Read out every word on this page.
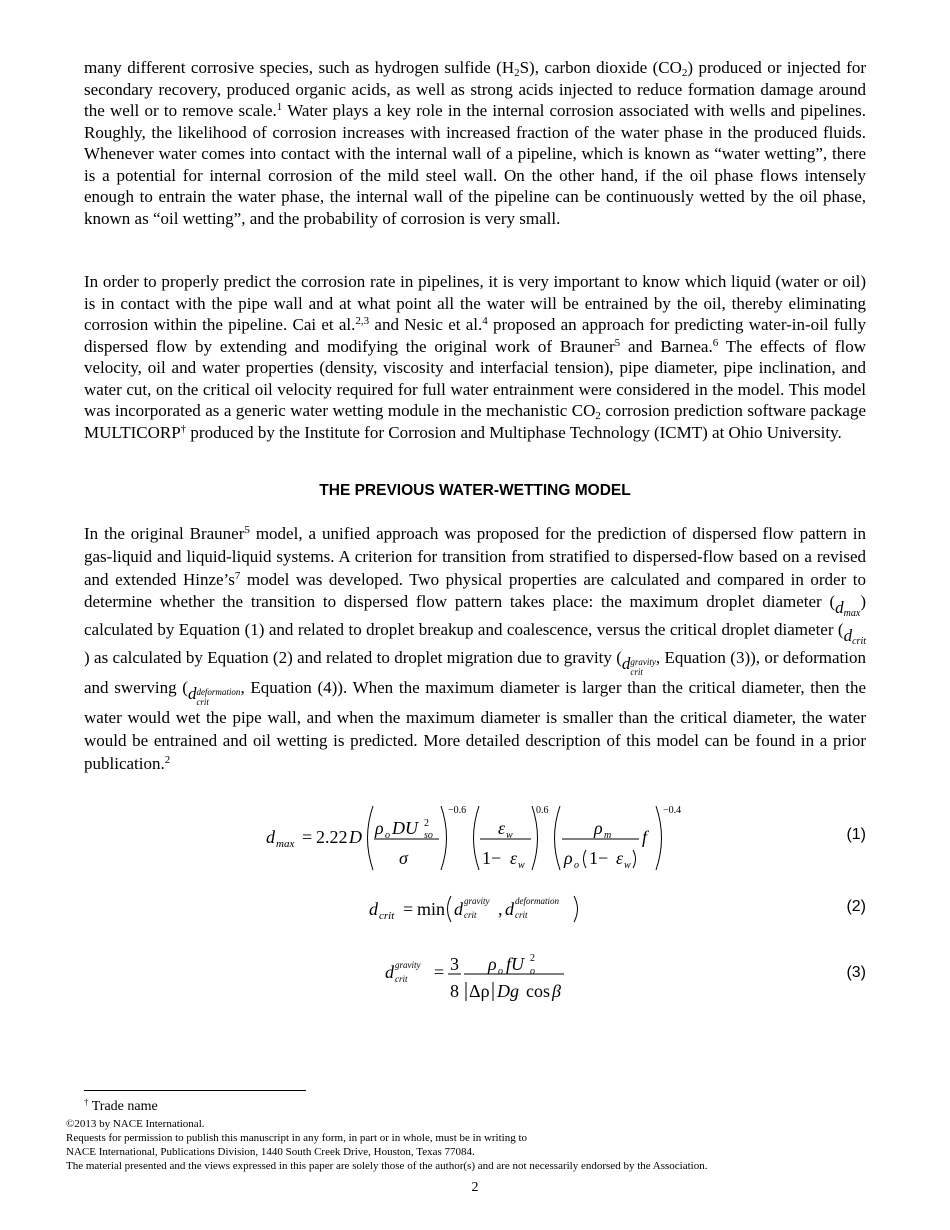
many different corrosive species, such as hydrogen sulfide $(H_2S)$, carbon dioxide $(CO_2)$ produced or injected for secondary recovery, produced organic acids, as well as strong acids injected to reduce formation damage around the well or to remove scale.$^1$ Water plays a key role in the internal corrosion associated with wells and pipelines. Roughly, the likelihood of corrosion increases with increased fraction of the water phase in the produced fluids. Whenever water comes into contact with the internal wall of a pipeline, which is known as “water wetting”, there is a potential for internal corrosion of the mild steel wall. On the other hand, if the oil phase flows intensely enough to entrain the water phase, the internal wall of the pipeline can be continuously wetted by the oil phase, known as “oil wetting”, and the probability of corrosion is very small.

In order to properly predict the corrosion rate in pipelines, it is very important to know which liquid (water or oil) is in contact with the pipe wall and at what point all the water will be entrained by the oil, thereby eliminating corrosion within the pipeline. Cai et al.$^{2,3}$ and Nesic et al.$^4$ proposed an approach for predicting water-in-oil fully dispersed flow by extending and modifying the original work of Brauner$^5$ and Barnea.$^6$ The effects of flow velocity, oil and water properties (density, viscosity and interfacial tension), pipe diameter, pipe inclination, and water cut, on the critical oil velocity required for full water entrainment were considered in the model. This model was incorporated as a generic water wetting module in the mechanistic $CO_2$ corrosion prediction software package MULTICORP† produced by the Institute for Corrosion and Multiphase Technology (ICMT) at Ohio University.

THE PREVIOUS WATER-WETTING MODEL

In the original Brauner$^5$ model, a unified approach was proposed for the prediction of dispersed flow pattern in gas-liquid and liquid-liquid systems. A criterion for transition from stratified to dispersed-flow based on a revised and extended $Hinze’s^7$ model was developed. Two physical properties are calculated and compared in order to determine whether the transition to dispersed flow pattern takes place: the maximum droplet diameter (dmax) calculated by Equation (1) and related to droplet breakup and coalescence, versus the critical droplet diameter (dcrit) as calculated by Equation (2) and related to droplet migration due to gravity (dgravity
crit, Equation (3)), or deformation and swerving (ddeformation
crit, Equation (4)). When the maximum diameter is larger than the critical diameter, then the water would wet the pipe wall, and when the maximum diameter is smaller than the critical diameter, the water would be entrained and oil wetting is predicted. More detailed description of this model can be found in a prior publication.$^2$

d max = 2.22 D ρ o DU 2
so
σ
−0.6
ε w
1− ε w
0.6
ρ m
ρ o 1− ε w
f
−0.4
(1)
d crit = min d gravity
crit , d deformation
crit	(2)
d gravity
crit = 3
8
ρ o fU 2
o
Δρ Dg cos β
(3)

† Trade name

©2013 by NACE International.

Requests for permission to publish this manuscript in any form, in part or in whole, must be in writing to

NACE International, Publications Division, 1440 South Creek Drive, Houston, Texas 77084.

The material presented and the views expressed in this paper are solely those of the author(s) and are not necessarily endorsed by the Association.

2
